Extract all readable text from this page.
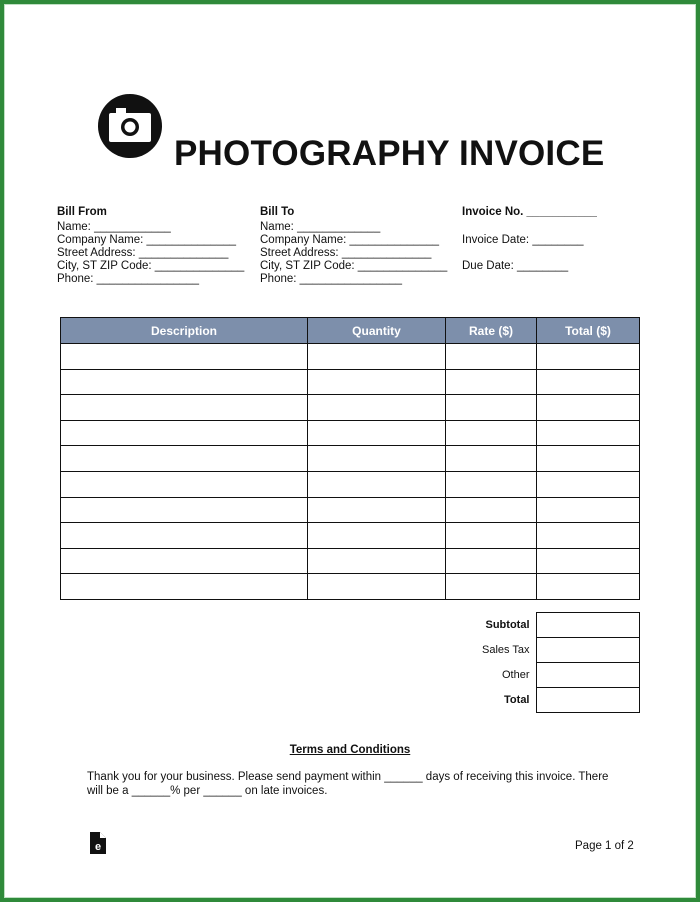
PHOTOGRAPHY INVOICE
Bill From
Name: ____________
Company Name: ______________
Street Address: ______________
City, ST ZIP Code: ______________
Phone: ________________
Bill To
Name: _____________
Company Name: ______________
Street Address: ______________
City, ST ZIP Code: ______________
Phone: ________________
Invoice No. ___________
Invoice Date: ________
Due Date: ________
Description	Quantity	Rate ($)	Total ($)

Subtotal	
Sales Tax	
Other	
Total	
Terms and Conditions
Thank you for your business. Please send payment within ______ days of receiving this invoice. There will be a ______% per ______ on late invoices.
e	Page 1 of 2
